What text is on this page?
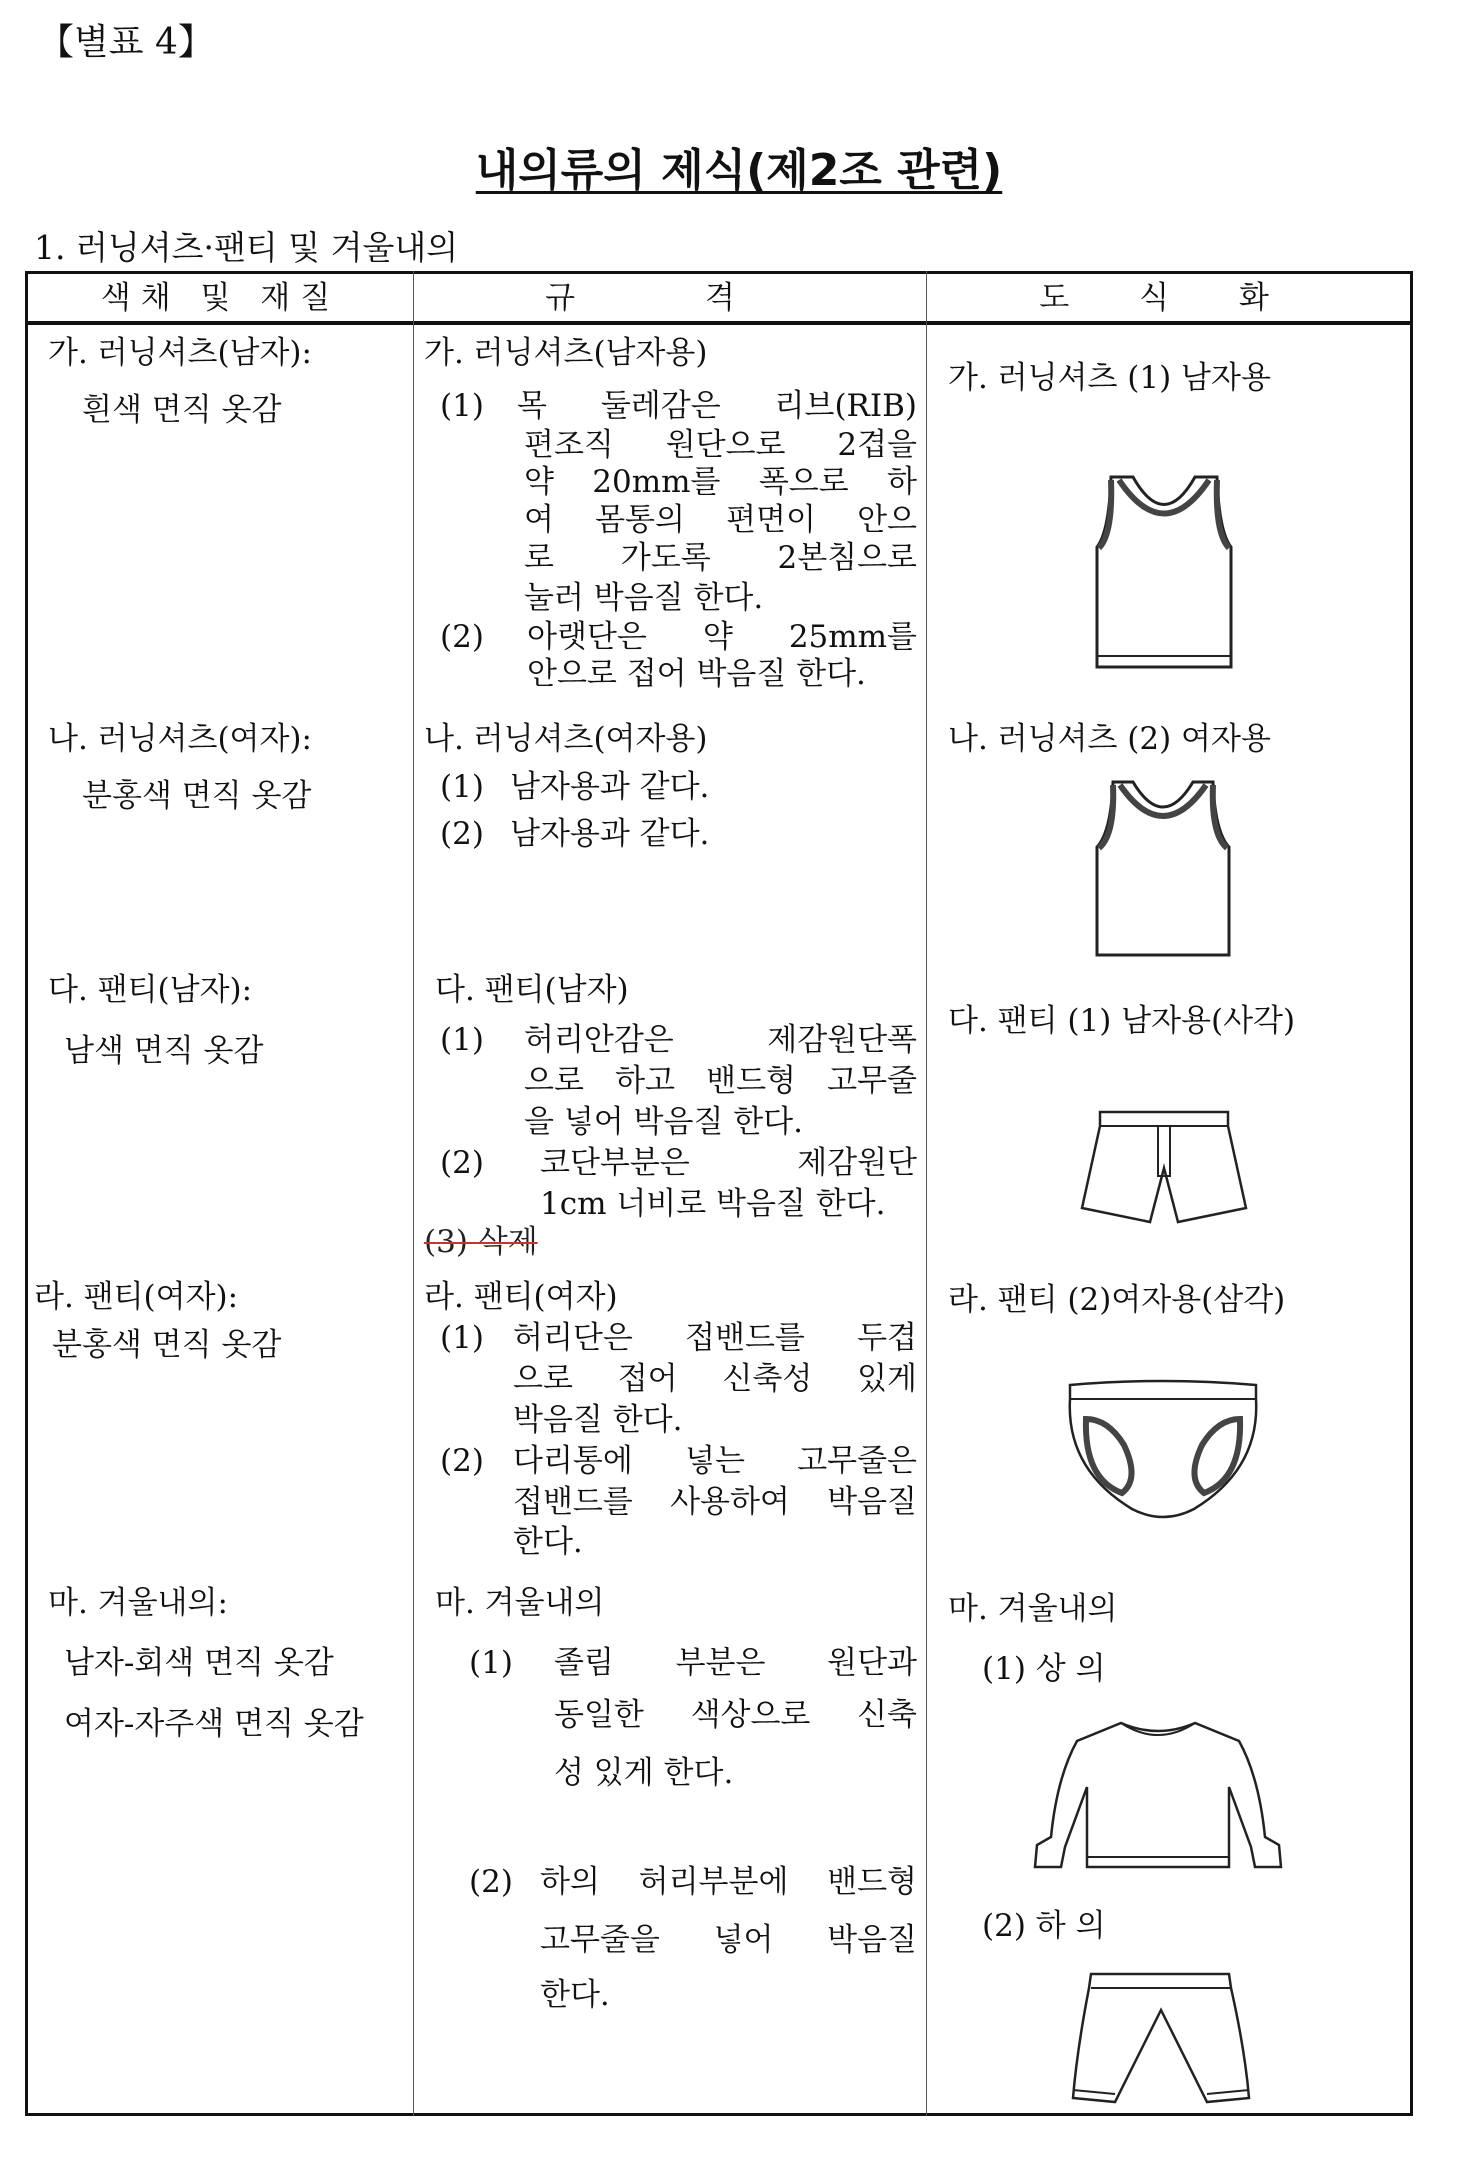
【별표 4】
내의류의 제식(제2조 관련)
1. 러닝셔츠·팬티 및 겨울내의
색채 및 재질	규 격	도 식 화
가. 러닝셔츠(남자):
흰색 면직 옷감
나. 러닝셔츠(여자):
분홍색 면직 옷감
다. 팬티(남자):
남색 면직 옷감
라. 팬티(여자):
분홍색 면직 옷감
마. 겨울내의:
남자-회색 면직 옷감
여자-자주색 면직 옷감
가. 러닝셔츠(남자용)
(1) 목 둘레감은 리브(RIB)
편조직 원단으로 2겹을
약 20mm를 폭으로 하
여 몸통의 편면이 안으
로 가도록 2본침으로
눌러 박음질 한다.
(2) 아랫단은 약 25mm를
안으로 접어 박음질 한다.
나. 러닝셔츠(여자용)
(1) 남자용과 같다.
(2) 남자용과 같다.
다. 팬티(남자)
(1) 허리안감은 제감원단폭
으로 하고 밴드형 고무줄
을 넣어 박음질 한다.
(2) 코단부분은 제감원단
1cm 너비로 박음질 한다.
(3) 삭제
라. 팬티(여자)
(1) 허리단은 접밴드를 두겹
으로 접어 신축성 있게
박음질 한다.
(2) 다리통에 넣는 고무줄은
접밴드를 사용하여 박음질
한다.
마. 겨울내의
(1) 졸림 부분은 원단과
동일한 색상으로 신축
성 있게 한다.
(2) 하의 허리부분에 밴드형
고무줄을 넣어 박음질
한다.
가. 러닝셔츠 (1) 남자용
나. 러닝셔츠 (2) 여자용
다. 팬티 (1) 남자용(사각)
라. 팬티 (2)여자용(삼각)
마. 겨울내의
(1) 상 의
(2) 하 의
